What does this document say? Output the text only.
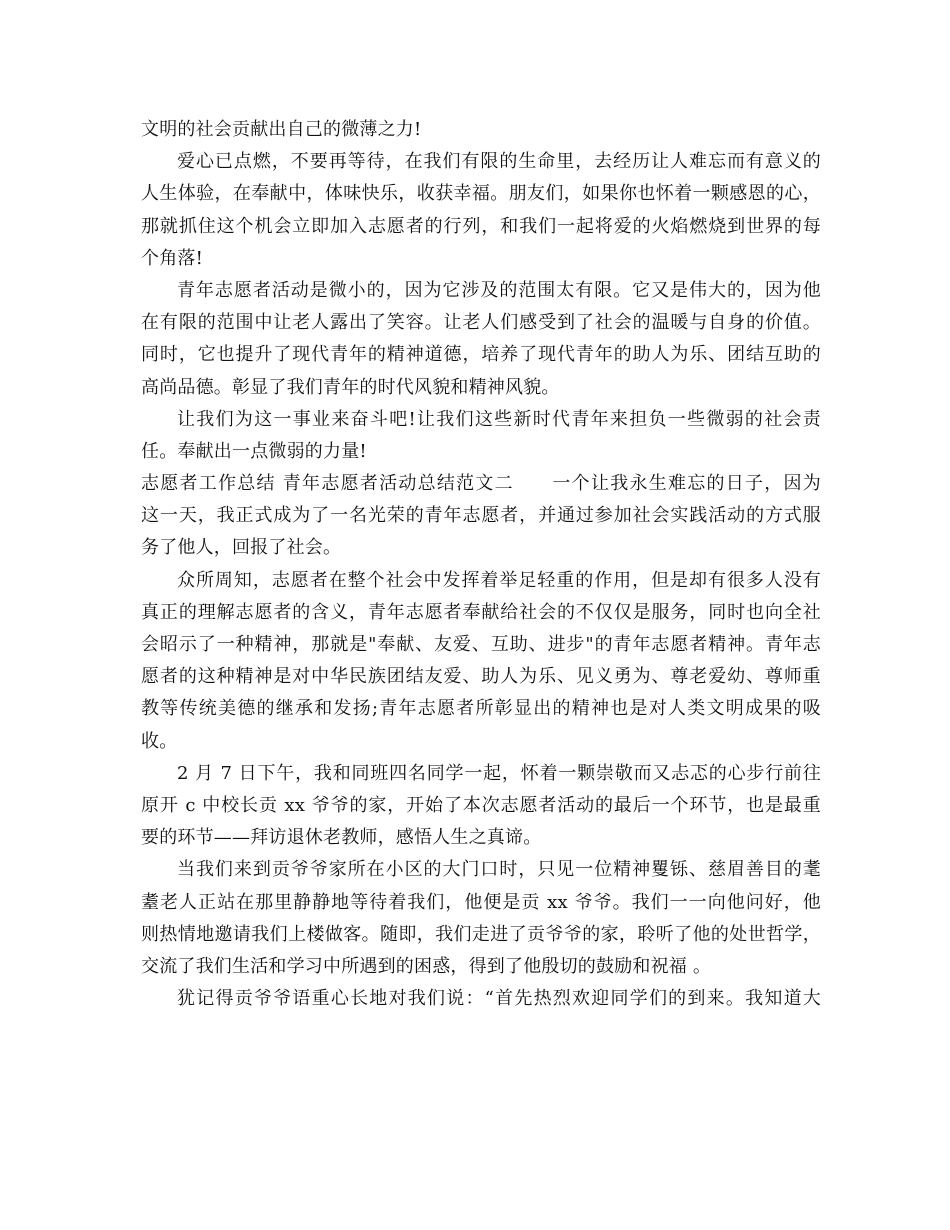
文明的社会贡献出自己的微薄之力!
爱心已点燃，不要再等待，在我们有限的生命里，去经历让人难忘而有意义的
人生体验，在奉献中，体味快乐，收获幸福。朋友们，如果你也怀着一颗感恩的心，
那就抓住这个机会立即加入志愿者的行列，和我们一起将爱的火焰燃烧到世界的每
个角落!
青年志愿者活动是微小的，因为它涉及的范围太有限。它又是伟大的，因为他
在有限的范围中让老人露出了笑容。让老人们感受到了社会的温暖与自身的价值。
同时，它也提升了现代青年的精神道德，培养了现代青年的助人为乐、团结互助的
高尚品德。彰显了我们青年的时代风貌和精神风貌。
让我们为这一事业来奋斗吧!让我们这些新时代青年来担负一些微弱的社会责
任。奉献出一点微弱的力量!
志愿者工作总结 青年志愿者活动总结范文二　　一个让我永生难忘的日子，因为
这一天，我正式成为了一名光荣的青年志愿者，并通过参加社会实践活动的方式服
务了他人，回报了社会。
众所周知，志愿者在整个社会中发挥着举足轻重的作用，但是却有很多人没有
真正的理解志愿者的含义，青年志愿者奉献给社会的不仅仅是服务，同时也向全社
会昭示了一种精神，那就是"奉献、友爱、互助、进步"的青年志愿者精神。青年志
愿者的这种精神是对中华民族团结友爱、助人为乐、见义勇为、尊老爱幼、尊师重
教等传统美德的继承和发扬;青年志愿者所彰显出的精神也是对人类文明成果的吸
收。
2 月 7 日下午，我和同班四名同学一起，怀着一颗崇敬而又忐忑的心步行前往
原开 c 中校长贡 xx 爷爷的家，开始了本次志愿者活动的最后一个环节，也是最重
要的环节——拜访退休老教师，感悟人生之真谛。
当我们来到贡爷爷家所在小区的大门口时，只见一位精神矍铄、慈眉善目的耄
耋老人正站在那里静静地等待着我们，他便是贡 xx 爷爷。我们一一向他问好，他
则热情地邀请我们上楼做客。随即，我们走进了贡爷爷的家，聆听了他的处世哲学，
交流了我们生活和学习中所遇到的困惑，得到了他殷切的鼓励和祝福 。
犹记得贡爷爷语重心长地对我们说：“首先热烈欢迎同学们的到来。我知道大
